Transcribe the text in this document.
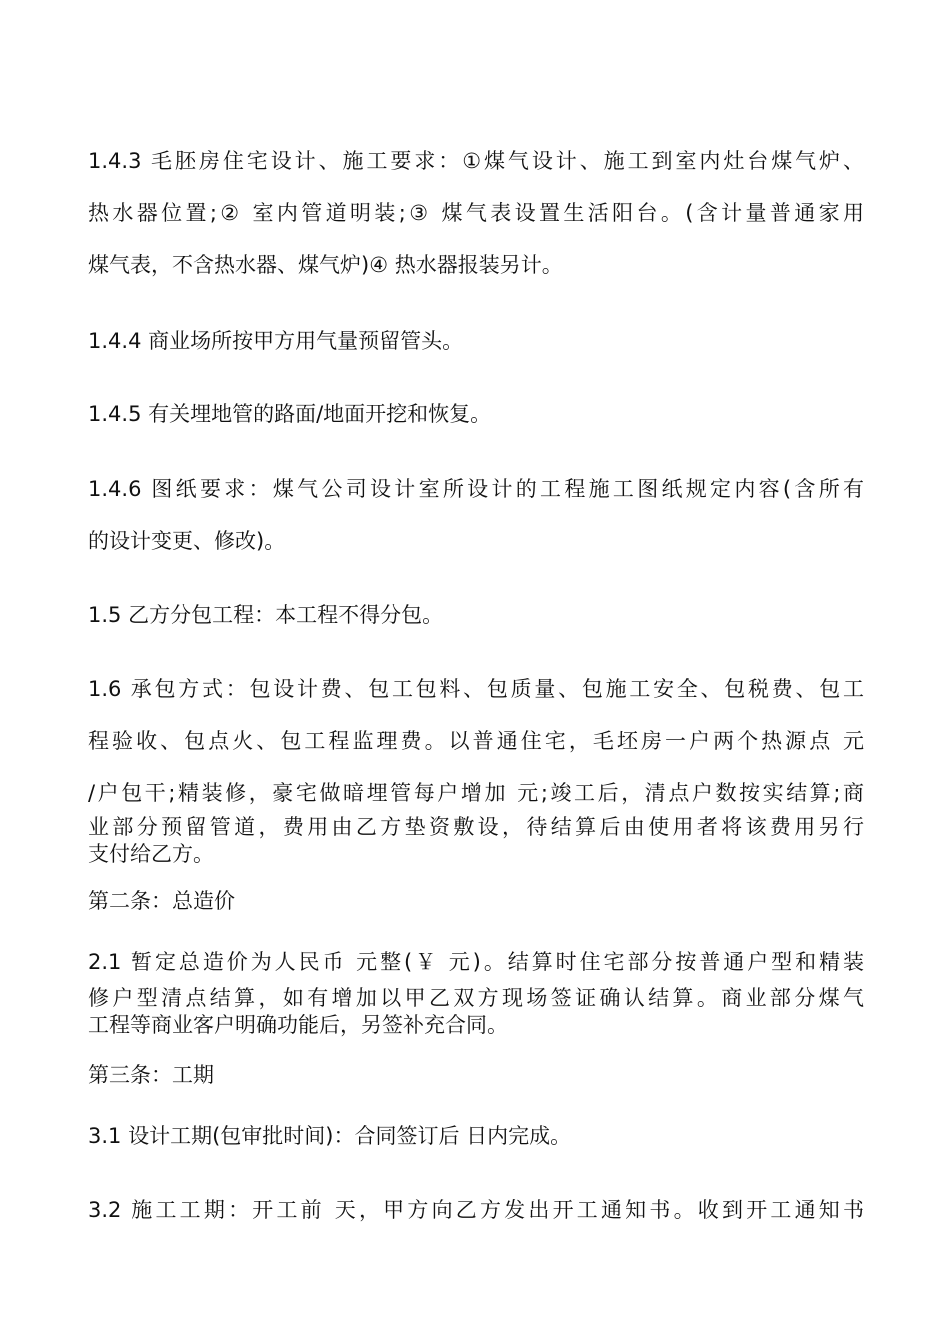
1.4.3 毛胚房住宅设计、施工要求：①煤气设计、施工到室内灶台煤气炉、
热水器位置;② 室内管道明装;③ 煤气表设置生活阳台。(含计量普通家用
煤气表，不含热水器、煤气炉)④ 热水器报装另计。
1.4.4 商业场所按甲方用气量预留管头。
1.4.5 有关埋地管的路面/地面开挖和恢复。
1.4.6 图纸要求：煤气公司设计室所设计的工程施工图纸规定内容(含所有
的设计变更、修改)。
1.5 乙方分包工程：本工程不得分包。
1.6 承包方式：包设计费、包工包料、包质量、包施工安全、包税费、包工
程验收、包点火、包工程监理费。以普通住宅，毛坯房一户两个热源点 元
/户包干;精装修，豪宅做暗埋管每户增加 元;竣工后，清点户数按实结算;商
业部分预留管道，费用由乙方垫资敷设，待结算后由使用者将该费用另行
支付给乙方。
第二条：总造价
2.1 暂定总造价为人民币 元整(￥ 元)。结算时住宅部分按普通户型和精装
修户型清点结算，如有增加以甲乙双方现场签证确认结算。商业部分煤气
工程等商业客户明确功能后，另签补充合同。
第三条：工期
3.1 设计工期(包审批时间)：合同签订后 日内完成。
3.2 施工工期：开工前 天，甲方向乙方发出开工通知书。收到开工通知书
